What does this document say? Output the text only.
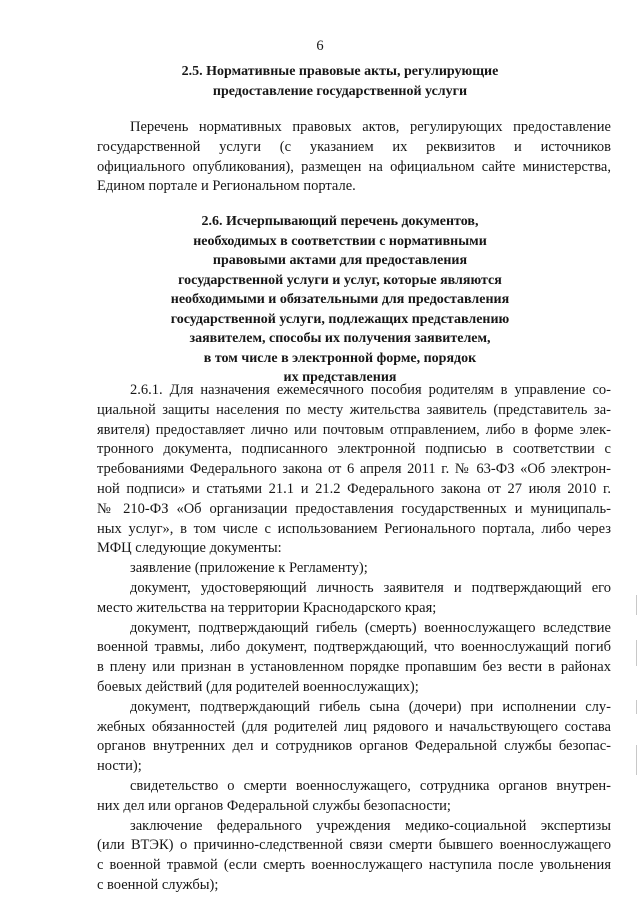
6
2.5. Нормативные правовые акты, регулирующие
предоставление государственной услуги

Перечень нормативных правовых актов, регулирующих предоставление

государственной услуги (с указанием их реквизитов и источников

официального опубликования), размещен на официальном сайте министерства,

Едином портале и Региональном портале.

2.6. Исчерпывающий перечень документов,
необходимых в соответствии с нормативными
правовыми актами для предоставления
государственной услуги и услуг, которые являются
необходимыми и обязательными для предоставления
государственной услуги, подлежащих представлению
заявителем, способы их получения заявителем,
в том числе в электронной форме, порядок
их представления

2.6.1. Для назначения ежемесячного пособия родителям в управление со-

циальной защиты населения по месту жительства заявитель (представитель за-

явителя) предоставляет лично или почтовым отправлением, либо в форме элек-

тронного документа, подписанного электронной подписью в соответствии с

требованиями Федерального закона от 6 апреля 2011 г. № 63-ФЗ «Об электрон-

ной подписи» и статьями 21.1 и 21.2 Федерального закона от 27 июля 2010 г.

№ 210-ФЗ «Об организации предоставления государственных и муниципаль-

ных услуг», в том числе с использованием Регионального портала, либо через

МФЦ следующие документы:

заявление (приложение к Регламенту);

документ, удостоверяющий личность заявителя и подтверждающий его

место жительства на территории Краснодарского края;

документ, подтверждающий гибель (смерть) военнослужащего вследствие

военной травмы, либо документ, подтверждающий, что военнослужащий погиб

в плену или признан в установленном порядке пропавшим без вести в районах

боевых действий (для родителей военнослужащих);

документ, подтверждающий гибель сына (дочери) при исполнении слу-

жебных обязанностей (для родителей лиц рядового и начальствующего состава

органов внутренних дел и сотрудников органов Федеральной службы безопас-

ности);

свидетельство о смерти военнослужащего, сотрудника органов внутрен-

них дел или органов Федеральной службы безопасности;

заключение федерального учреждения медико-социальной экспертизы

(или ВТЭК) о причинно-следственной связи смерти бывшего военнослужащего

с военной травмой (если смерть военнослужащего наступила после увольнения

с военной службы);
